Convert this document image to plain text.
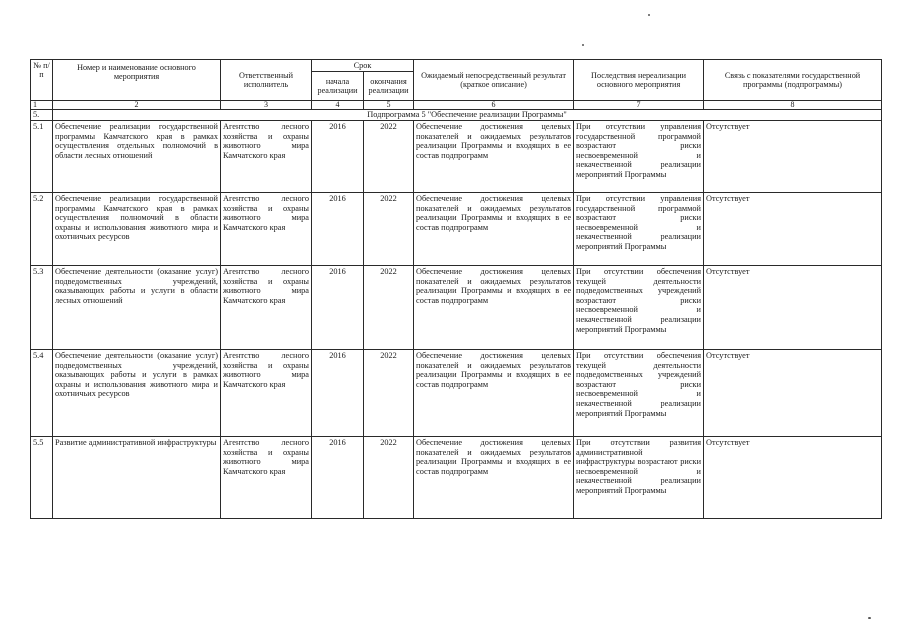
№ п/п	Номер и наименование основного мероприятия	Ответственный исполнитель	Срок		Ожидаемый непосредственный результат (краткое описание)	Последствия нереализации основного мероприятия	Связь с показателями государственной программы (подпрограммы)
			начала реализации	окончания реализации			
1	2	3	4	5	6	7	8
5.	Подпрограмма 5 "Обеспечение реализации Программы"						
5.1	Обеспечение реализации государственной программы Камчатского края в рамках осуществления отдельных полномочий в области лесных отношений	Агентство лесного хозяйства и охраны животного мира Камчатского края	2016	2022	Обеспечение достижения целевых показателей и ожидаемых результатов реализации Программы и входящих в ее состав подпрограмм	При отсутствии управления государственной программой возрастают риски несвоевременной и некачественной реализации мероприятий Программы	Отсутствует
5.2	Обеспечение реализации государственной программы Камчатского края в рамках осуществления полномочий в области охраны и использования животного мира и охотничьих ресурсов	Агентство лесного хозяйства и охраны животного мира Камчатского края	2016	2022	Обеспечение достижения целевых показателей и ожидаемых результатов реализации Программы и входящих в ее состав подпрограмм	При отсутствии управления государственной программой возрастают риски несвоевременной и некачественной реализации мероприятий Программы	Отсутствует
5.3	Обеспечение деятельности (оказание услуг) подведомственных учреждений, оказывающих работы и услуги в области лесных отношений	Агентство лесного хозяйства и охраны животного мира Камчатского края	2016	2022	Обеспечение достижения целевых показателей и ожидаемых результатов реализации Программы и входящих в ее состав подпрограмм	При отсутствии обеспечения текущей деятельности подведомственных учреждений возрастают риски несвоевременной и некачественной реализации мероприятий Программы	Отсутствует
5.4	Обеспечение деятельности (оказание услуг) подведомственных учреждений, оказывающих работы и услуги в рамках охраны и использования животного мира и охотничьих ресурсов	Агентство лесного хозяйства и охраны животного мира Камчатского края	2016	2022	Обеспечение достижения целевых показателей и ожидаемых результатов реализации Программы и входящих в ее состав подпрограмм	При отсутствии обеспечения текущей деятельности подведомственных учреждений возрастают риски несвоевременной и некачественной реализации мероприятий Программы	Отсутствует
5.5	Развитие административной инфраструктуры	Агентство лесного хозяйства и охраны животного мира Камчатского края	2016	2022	Обеспечение достижения целевых показателей и ожидаемых результатов реализации Программы и входящих в ее состав подпрограмм	При отсутствии развития административной инфраструктуры возрастают риски несвоевременной и некачественной реализации мероприятий Программы	Отсутствует
